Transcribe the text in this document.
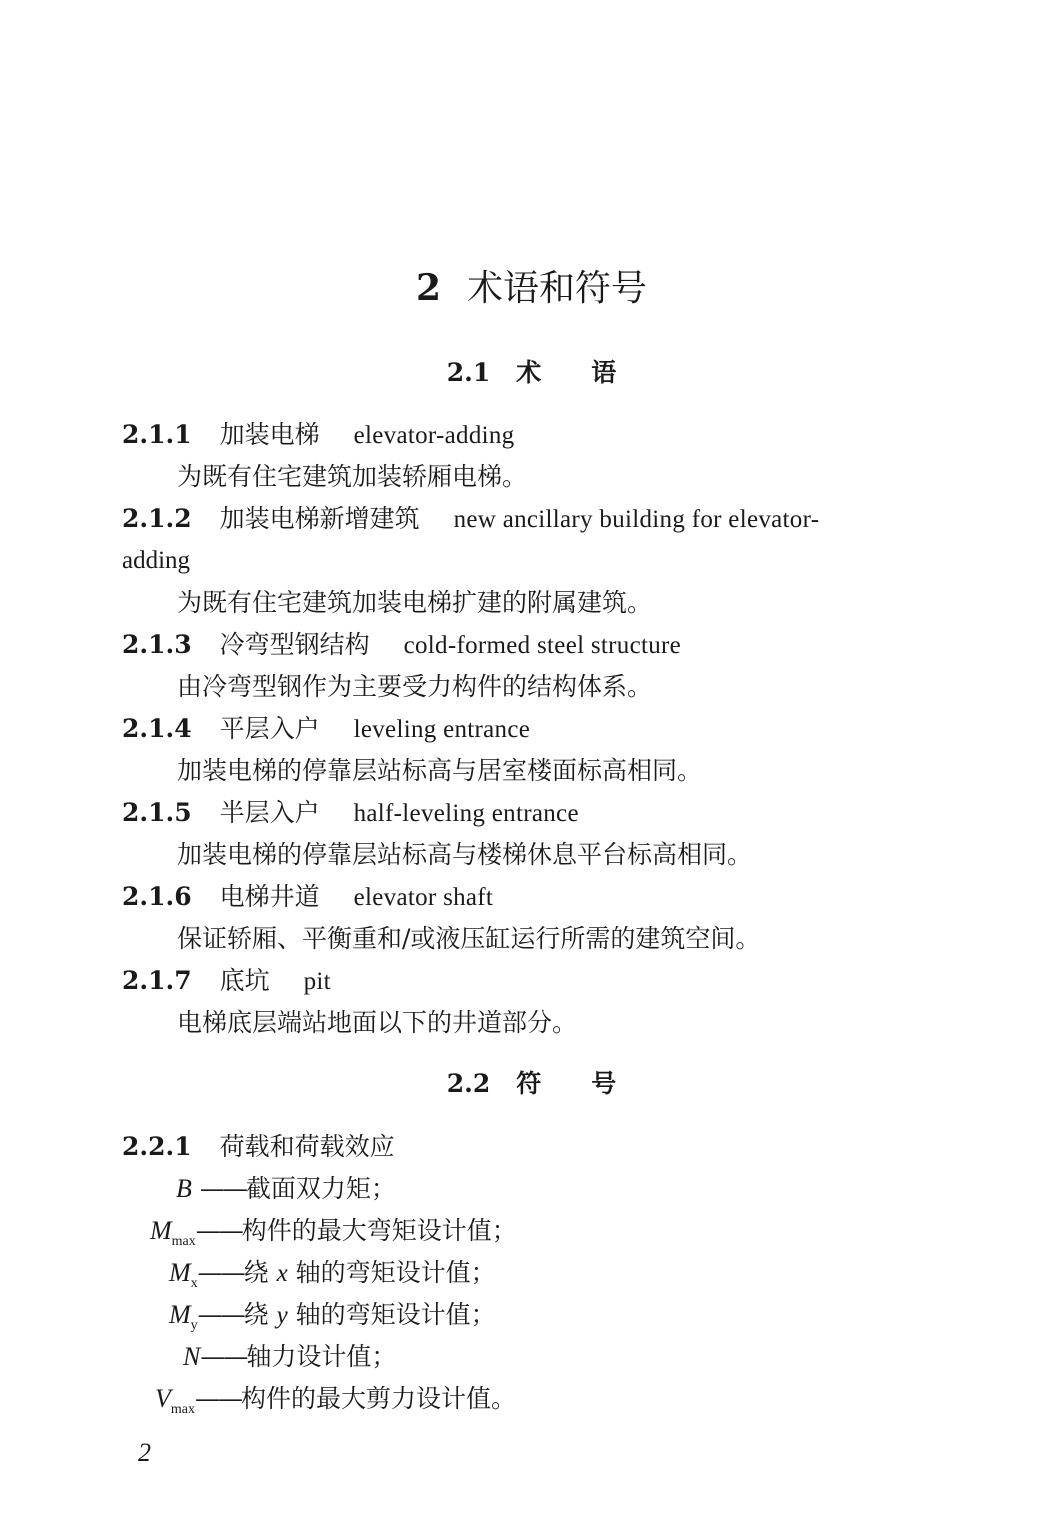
2 术语和符号
2.1 术语
2.1.1 加装电梯 elevator-adding
为既有住宅建筑加装轿厢电梯。
2.1.2 加装电梯新增建筑 new ancillary building for elevator-
adding
为既有住宅建筑加装电梯扩建的附属建筑。
2.1.3 冷弯型钢结构 cold-formed steel structure
由冷弯型钢作为主要受力构件的结构体系。
2.1.4 平层入户 leveling entrance
加装电梯的停靠层站标高与居室楼面标高相同。
2.1.5 半层入户 half-leveling entrance
加装电梯的停靠层站标高与楼梯休息平台标高相同。
2.1.6 电梯井道 elevator shaft
保证轿厢、平衡重和/或液压缸运行所需的建筑空间。
2.1.7 底坑 pit
电梯底层端站地面以下的井道部分。
2.2 符号
2.2.1 荷载和荷载效应
B ——截面双力矩；
$M_{max}——$构件的最大弯矩设计值；
$M_x——$绕 x 轴的弯矩设计值；
$M_y——$绕 y 轴的弯矩设计值；
N——轴力设计值；
$V_{max}——$构件的最大剪力设计值。
2
